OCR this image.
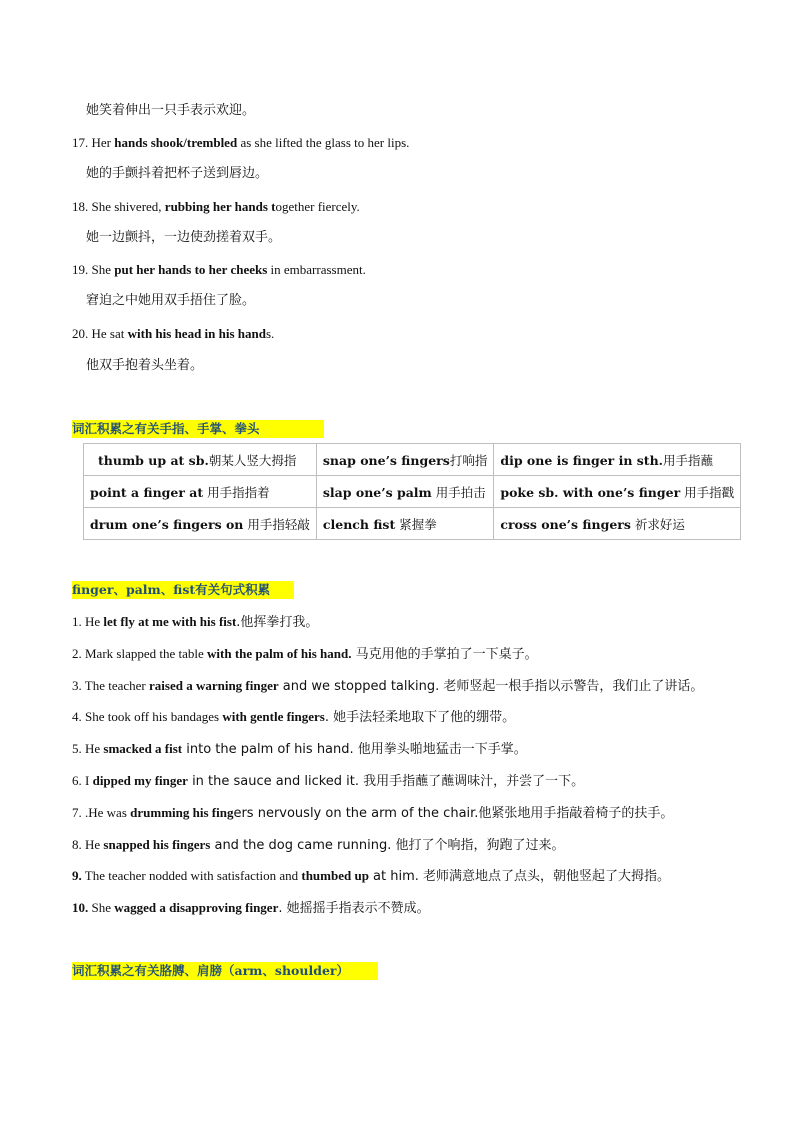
她笑着伸出一只手表示欢迎。
17. Her hands shook/trembled as she lifted the glass to her lips.
她的手颤抖着把杯子送到唇边。
18. She shivered, rubbing her hands together fiercely.
她一边颤抖，一边使劲搓着双手。
19. She put her hands to her cheeks in embarrassment.
窘迫之中她用双手捂住了脸。
20. He sat with his head in his hands.
他双手抱着头坐着。
词汇积累之有关手指、手掌、拳头
thumb up at sb.朝某人竖大拇指	snap one’s fingers打响指	dip one is finger in sth.用手指蘸
point a finger at 用手指指着	slap one’s palm 用手拍击	poke sb. with one’s finger 用手指戳
drum one’s fingers on 用手指轻敲	clench fist 紧握拳	cross one’s fingers 祈求好运
finger、palm、fist有关句式积累
1. He let fly at me with his fist.他挥拳打我。
2. Mark slapped the table with the palm of his hand. 马克用他的手掌拍了一下桌子。
3. The teacher raised a warning finger and we stopped talking. 老师竖起一根手指以示警告，我们止了讲话。
4. She took off his bandages with gentle fingers. 她手法轻柔地取下了他的绷带。
5. He smacked a fist into the palm of his hand. 他用拳头啪地猛击一下手掌。
6. I dipped my finger in the sauce and licked it. 我用手指蘸了蘸调味汁，并尝了一下。
7. .He was drumming his fingers nervously on the arm of the chair.他紧张地用手指敲着椅子的扶手。
8. He snapped his fingers and the dog came running. 他打了个响指，狗跑了过来。
9. The teacher nodded with satisfaction and thumbed up at him. 老师满意地点了点头，朝他竖起了大拇指。
10. She wagged a disapproving finger. 她摇摇手指表示不赞成。
词汇积累之有关胳膊、肩膀（arm、shoulder）
